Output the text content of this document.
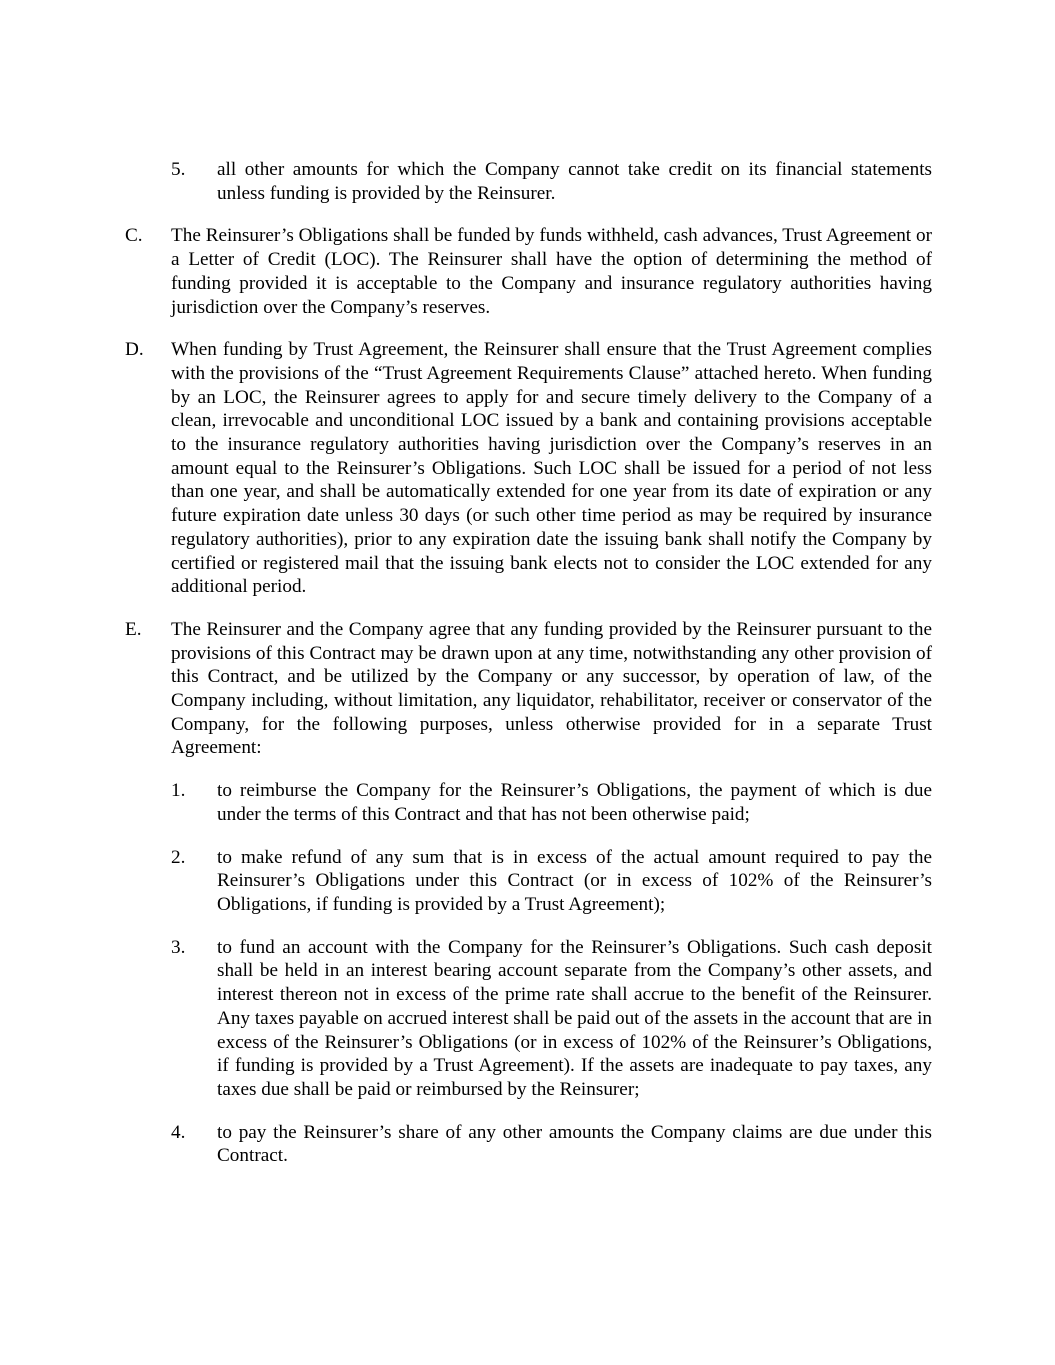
5. all other amounts for which the Company cannot take credit on its financial statements unless funding is provided by the Reinsurer.
C. The Reinsurer’s Obligations shall be funded by funds withheld, cash advances, Trust Agreement or a Letter of Credit (LOC). The Reinsurer shall have the option of determining the method of funding provided it is acceptable to the Company and insurance regulatory authorities having jurisdiction over the Company’s reserves.
D. When funding by Trust Agreement, the Reinsurer shall ensure that the Trust Agreement complies with the provisions of the “Trust Agreement Requirements Clause” attached hereto. When funding by an LOC, the Reinsurer agrees to apply for and secure timely delivery to the Company of a clean, irrevocable and unconditional LOC issued by a bank and containing provisions acceptable to the insurance regulatory authorities having jurisdiction over the Company’s reserves in an amount equal to the Reinsurer’s Obligations. Such LOC shall be issued for a period of not less than one year, and shall be automatically extended for one year from its date of expiration or any future expiration date unless 30 days (or such other time period as may be required by insurance regulatory authorities), prior to any expiration date the issuing bank shall notify the Company by certified or registered mail that the issuing bank elects not to consider the LOC extended for any additional period.
E. The Reinsurer and the Company agree that any funding provided by the Reinsurer pursuant to the provisions of this Contract may be drawn upon at any time, notwithstanding any other provision of this Contract, and be utilized by the Company or any successor, by operation of law, of the Company including, without limitation, any liquidator, rehabilitator, receiver or conservator of the Company, for the following purposes, unless otherwise provided for in a separate Trust Agreement:
1. to reimburse the Company for the Reinsurer’s Obligations, the payment of which is due under the terms of this Contract and that has not been otherwise paid;
2. to make refund of any sum that is in excess of the actual amount required to pay the Reinsurer’s Obligations under this Contract (or in excess of 102% of the Reinsurer’s Obligations, if funding is provided by a Trust Agreement);
3. to fund an account with the Company for the Reinsurer’s Obligations. Such cash deposit shall be held in an interest bearing account separate from the Company’s other assets, and interest thereon not in excess of the prime rate shall accrue to the benefit of the Reinsurer. Any taxes payable on accrued interest shall be paid out of the assets in the account that are in excess of the Reinsurer’s Obligations (or in excess of 102% of the Reinsurer’s Obligations, if funding is provided by a Trust Agreement). If the assets are inadequate to pay taxes, any taxes due shall be paid or reimbursed by the Reinsurer;
4. to pay the Reinsurer’s share of any other amounts the Company claims are due under this Contract.
